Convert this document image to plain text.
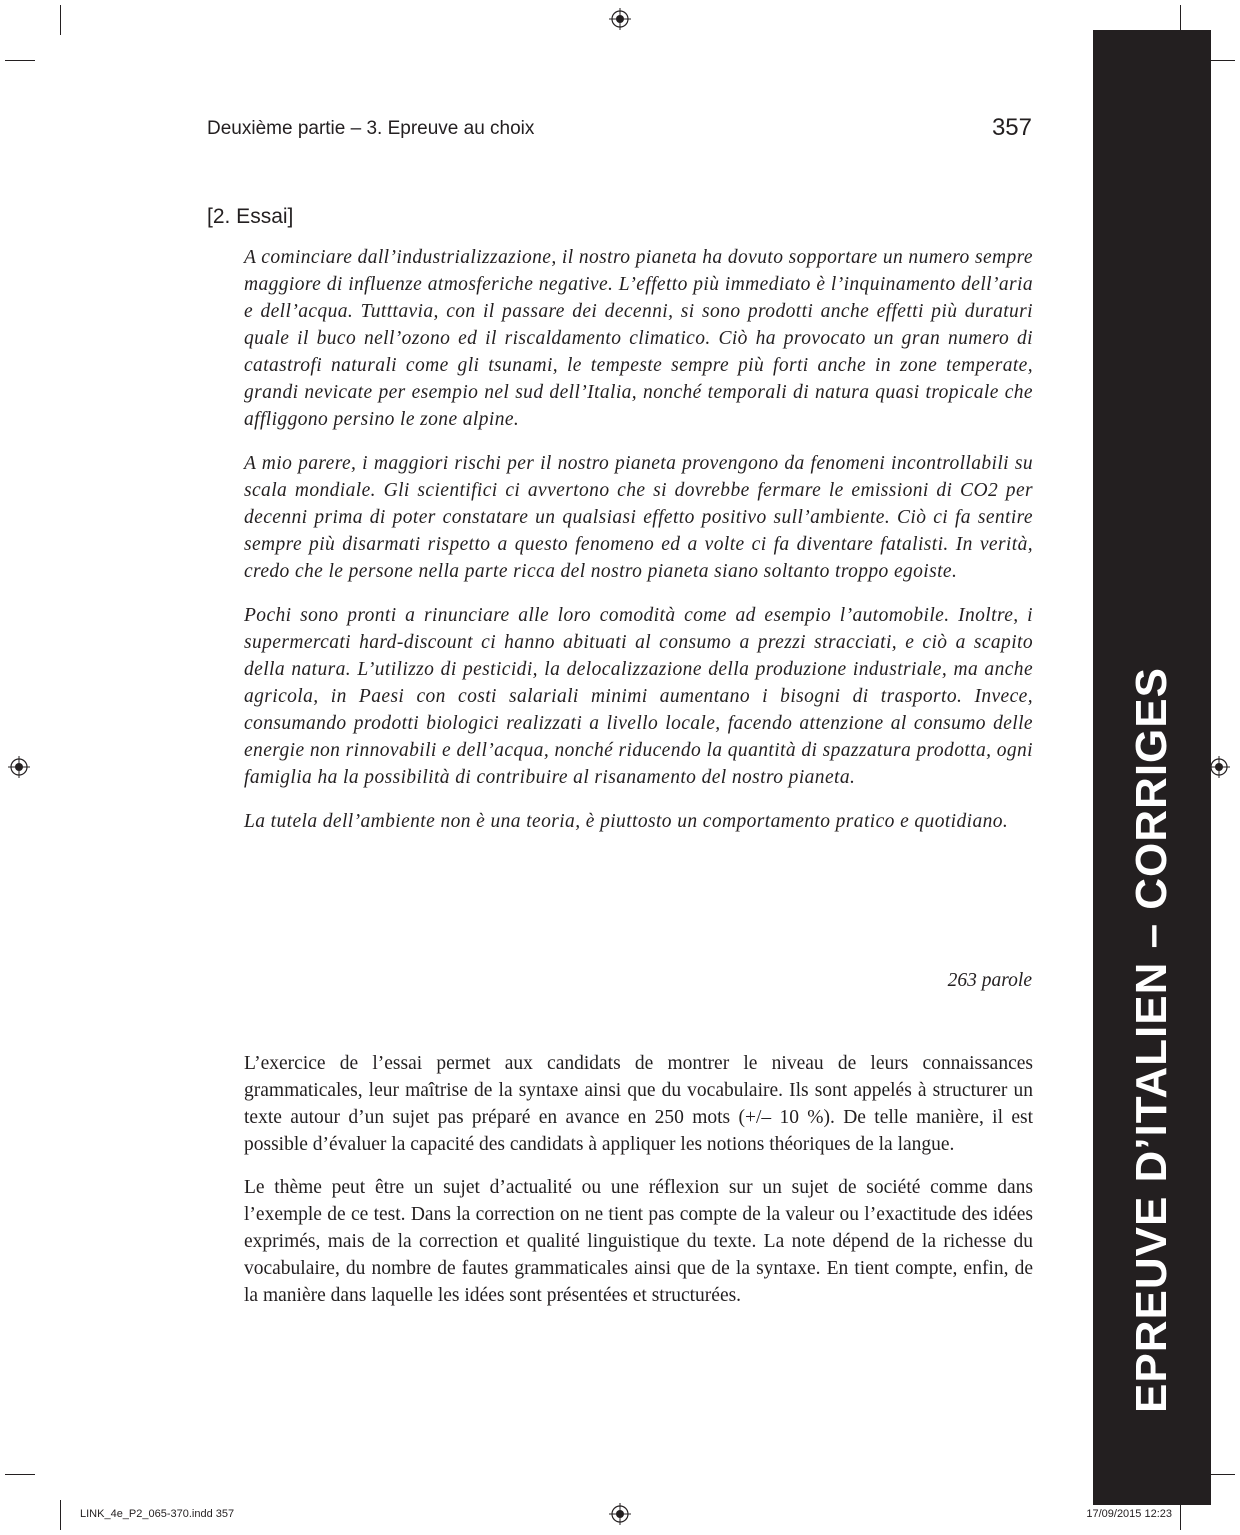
Deuxième partie – 3. Epreuve au choix	357
[2. Essai]

A cominciare dall’industrializzazione, il nostro pianeta ha dovuto sopportare un numero sempre maggiore di influenze atmosferiche negative. L’effetto più immediato è l’inquinamento dell’aria e dell’acqua. Tutttavia, con il passare dei decenni, si sono prodotti anche effetti più duraturi quale il buco nell’ozono ed il riscaldamento climatico. Ciò ha provocato un gran numero di catastrofi naturali come gli tsunami, le tempeste sempre più forti anche in zone temperate, grandi nevicate per esempio nel sud dell’Italia, nonché temporali di natura quasi tropicale che affliggono persino le zone alpine.

A mio parere, i maggiori rischi per il nostro pianeta provengono da fenomeni incontrollabili su scala mondiale. Gli scientifici ci avvertono che si dovrebbe fermare le emissioni di CO2 per decenni prima di poter constatare un qualsiasi effetto positivo sull’ambiente. Ciò ci fa sentire sempre più disarmati rispetto a questo fenomeno ed a volte ci fa diventare fatalisti. In verità, credo che le persone nella parte ricca del nostro pianeta siano soltanto troppo egoiste.

Pochi sono pronti a rinunciare alle loro comodità come ad esempio l’automobile. Inoltre, i supermercati hard-discount ci hanno abituati al consumo a prezzi stracciati, e ciò a scapito della natura. L’utilizzo di pesticidi, la delocalizzazione della produzione industriale, ma anche agricola, in Paesi con costi salariali minimi aumentano i bisogni di trasporto. Invece, consumando prodotti biologici realizzati a livello locale, facendo attenzione al consumo delle energie non rinnovabili e dell’acqua, nonché riducendo la quantità di spazzatura prodotta, ogni famiglia ha la possibilità di contribuire al risanamento del nostro pianeta.

La tutela dell’ambiente non è una teoria, è piuttosto un comportamento pratico e quotidiano.

263 parole

L’exercice de l’essai permet aux candidats de montrer le niveau de leurs connaissances grammaticales, leur maîtrise de la syntaxe ainsi que du vocabulaire. Ils sont appelés à structurer un texte autour d’un sujet pas préparé en avance en 250 mots (+/– 10 %). De telle manière, il est possible d’évaluer la capacité des candidats à appliquer les notions théoriques de la langue.

Le thème peut être un sujet d’actualité ou une réflexion sur un sujet de société comme dans l’exemple de ce test. Dans la correction on ne tient pas compte de la valeur ou l’exactitude des idées exprimés, mais de la correction et qualité linguistique du texte. La note dépend de la richesse du vocabulaire, du nombre de fautes grammaticales ainsi que de la syntaxe. En tient compte, enfin, de la manière dans laquelle les idées sont présentées et structurées.	EPREUVE D’ITALIEN – CORRIGES
LINK_4e_P2_065-370.indd 357	17/09/2015 12:23
